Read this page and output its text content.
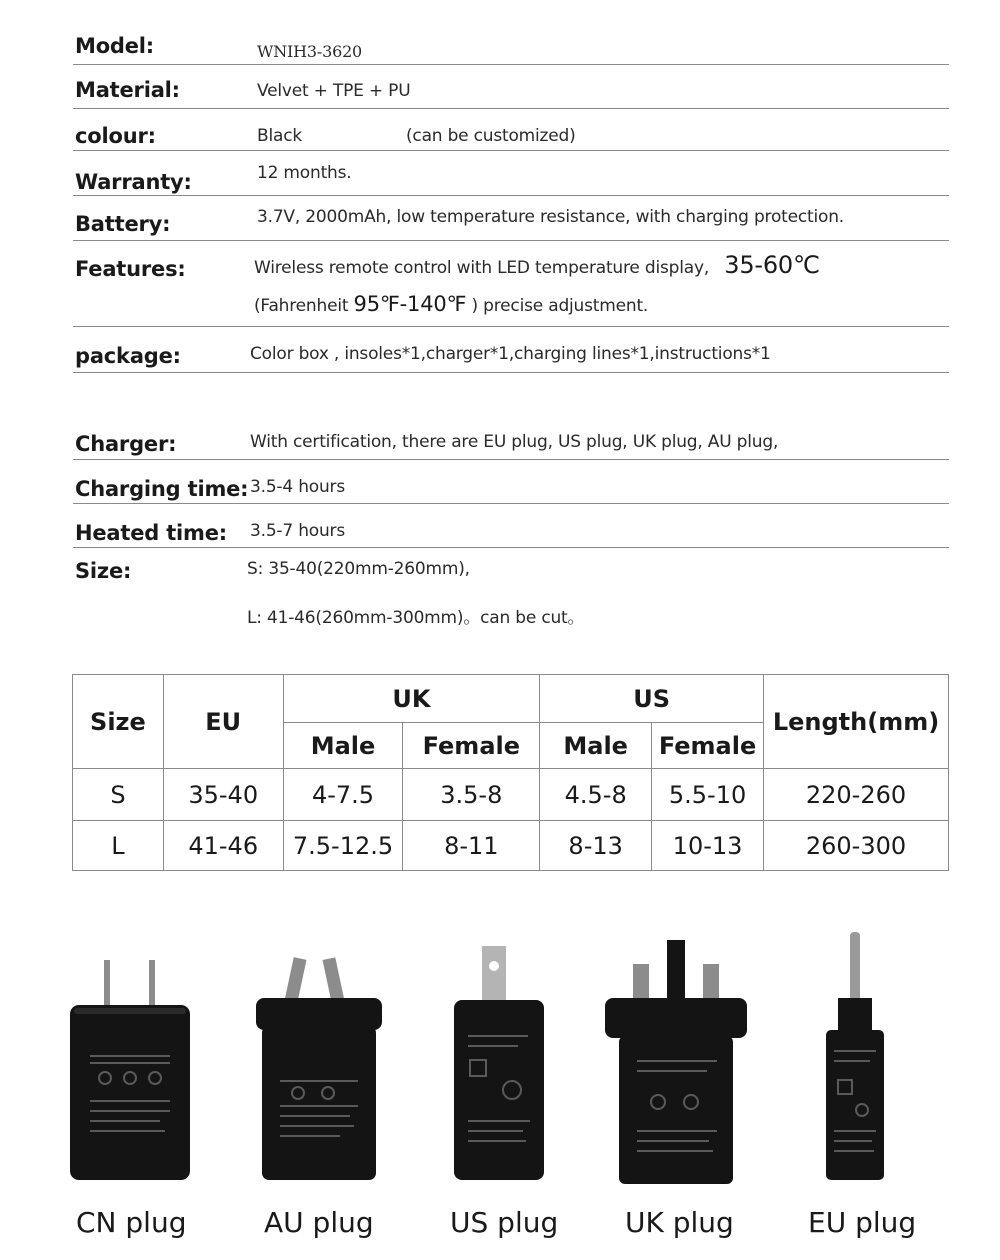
Model:	WNIH3-3620
Material:	Velvet + TPE + PU
colour:	Black	(can be customized)
Warranty:	12 months.
Battery:	3.7V, 2000mAh, low temperature resistance, with charging protection.
Features:	Wireless remote control with LED temperature display, 35-60℃
(Fahrenheit 95℉-140℉ ) precise adjustment.
package:	Color box , insoles*1,charger*1,charging lines*1,instructions*1
Charger:	With certification, there are EU plug, US plug, UK plug, AU plug,
Charging time: 3.5-4 hours
Heated time: 3.5-7 hours
Size:	S: 35-40(220mm-260mm),
L: 41-46(260mm-300mm)。can be cut。
Size	EU	UK		US		Length(mm)
		Male	Female	Male	Female	
S	35-40	4-7.5	3.5-8	4.5-8	5.5-10	220-260
L	41-46	7.5-12.5	8-11	8-13	10-13	260-300
CN plug	AU plug	US plug UK plug	EU plug
